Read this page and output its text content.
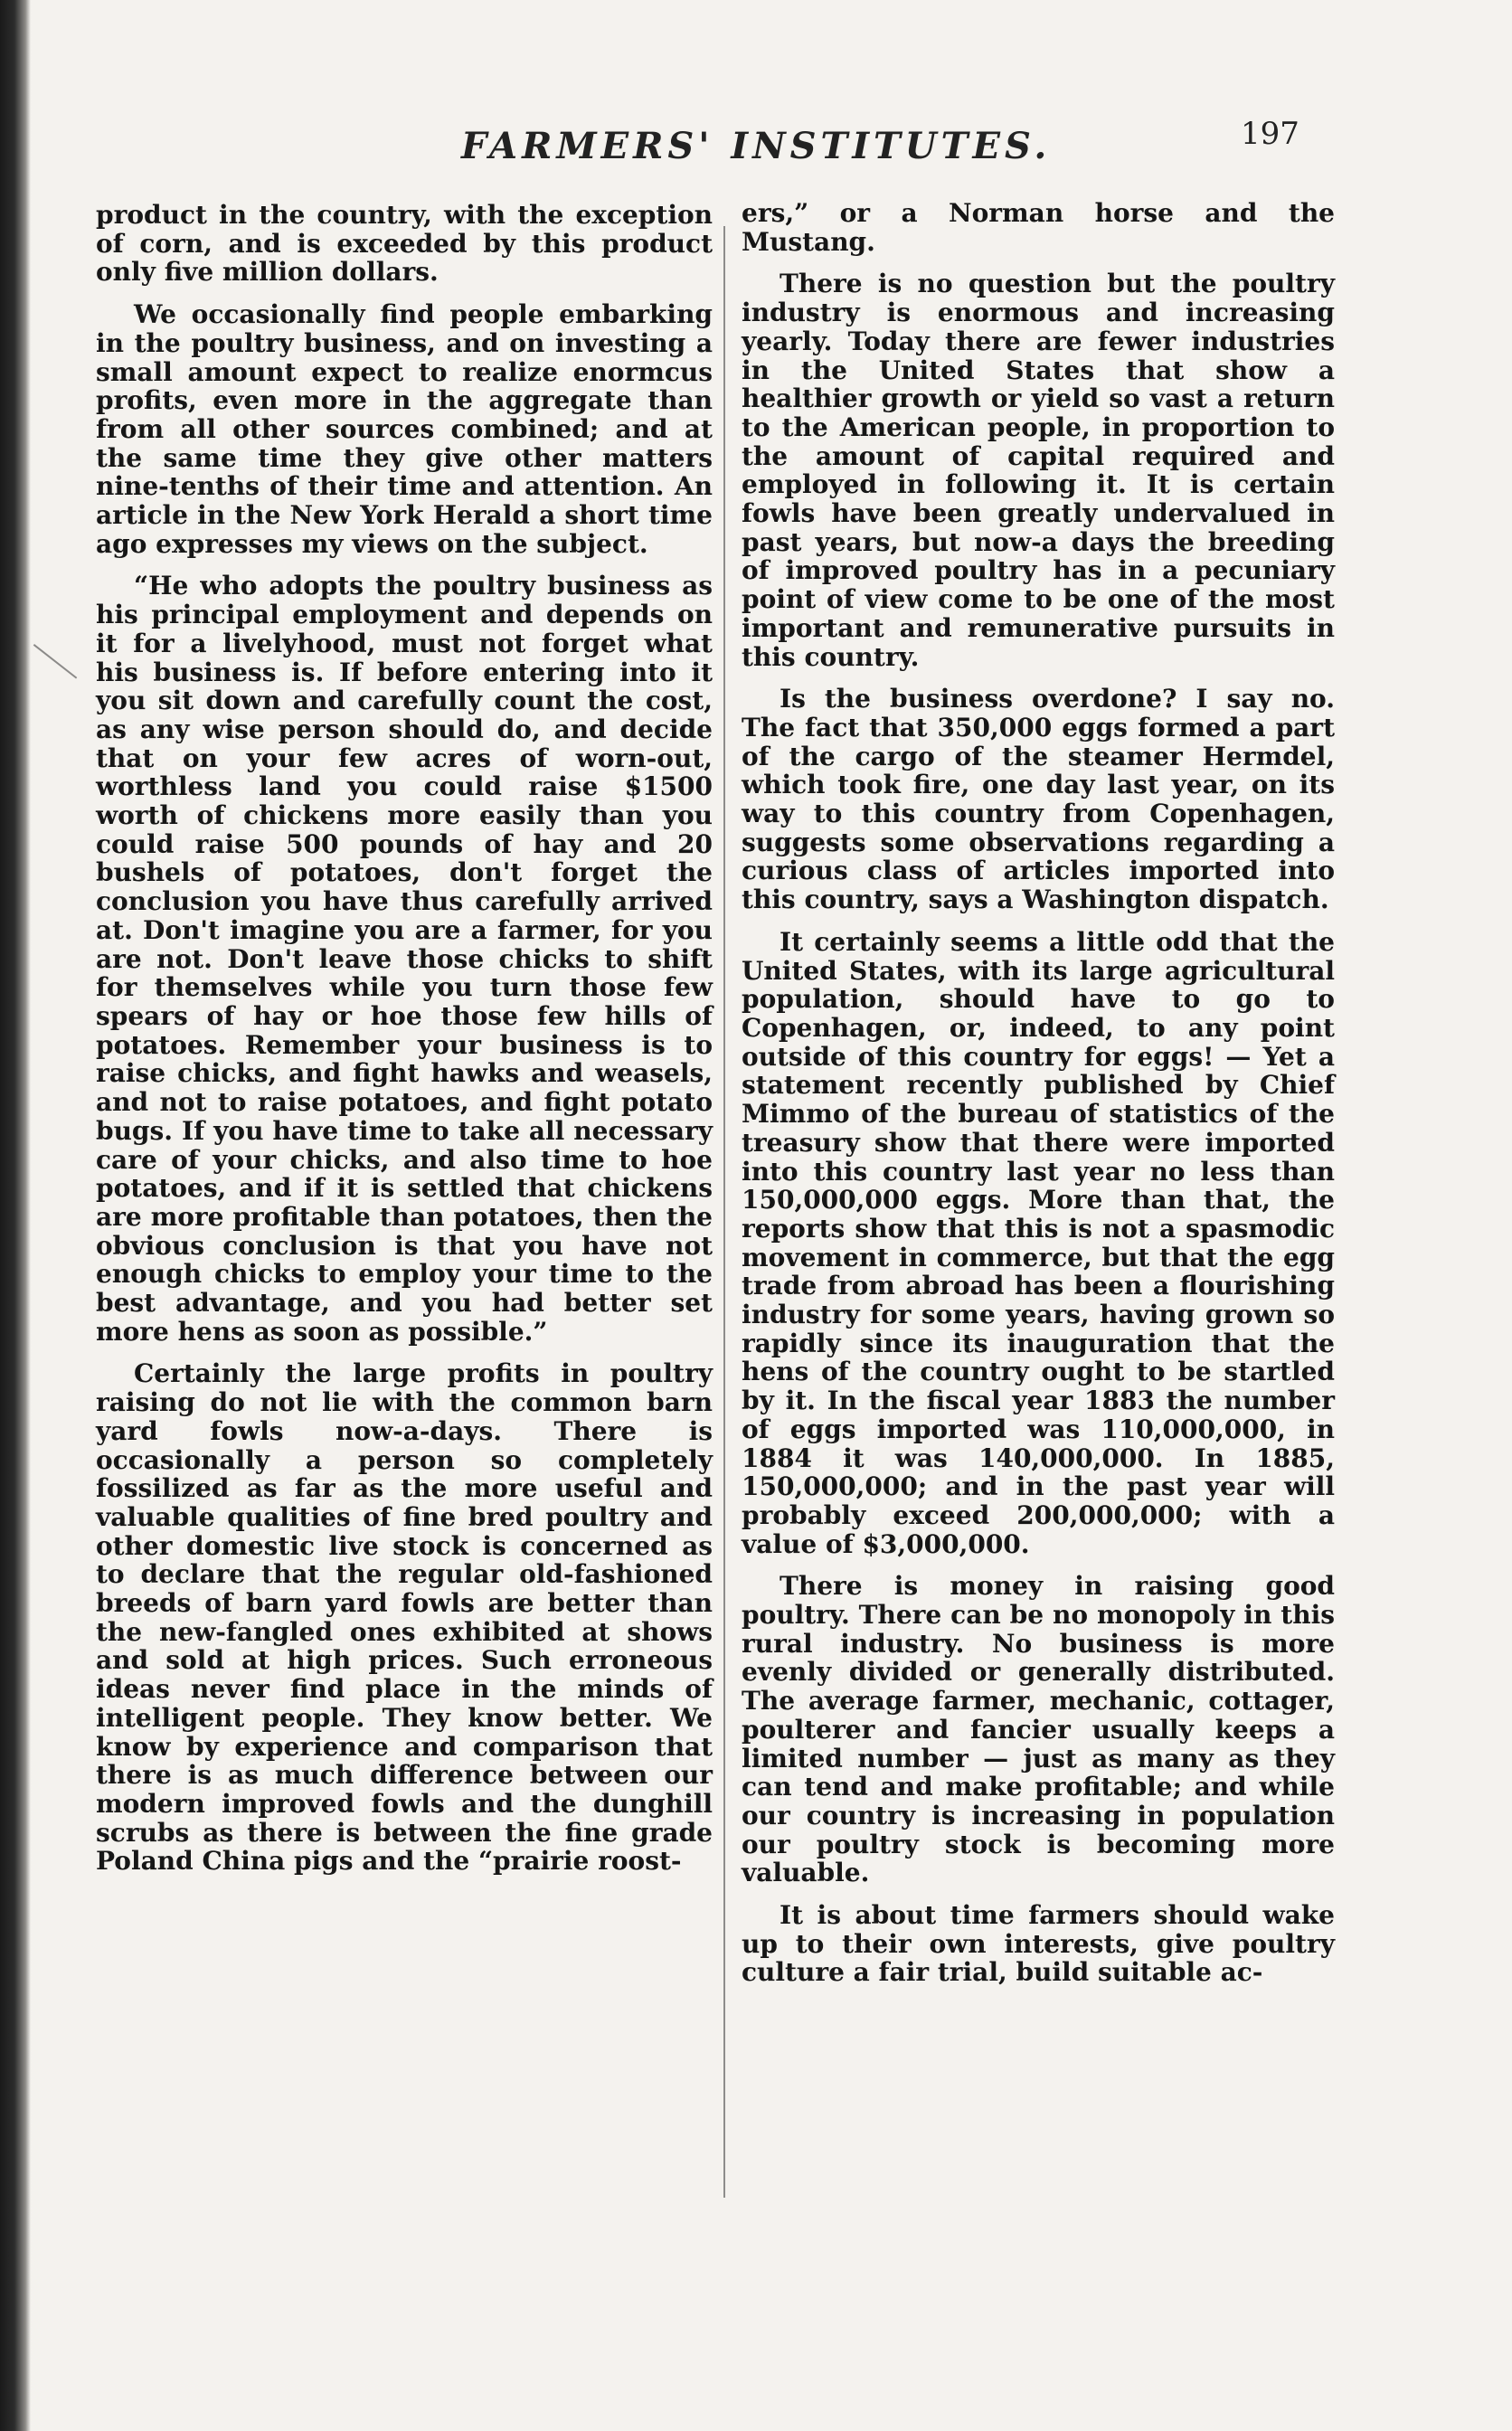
FARMERS' INSTITUTES.	197

product in the country, with the exception of corn, and is exceeded by this product only five million dollars.

We occasionally find people embarking in the poultry business, and on investing a small amount expect to realize enormcus profits, even more in the aggregate than from all other sources combined; and at the same time they give other matters nine-tenths of their time and attention. An article in the New York Herald a short time ago expresses my views on the subject.

“He who adopts the poultry business as his principal employment and depends on it for a livelyhood, must not forget what his business is. If before entering into it you sit down and carefully count the cost, as any wise person should do, and decide that on your few acres of worn-out, worthless land you could raise $1500 worth of chickens more easily than you could raise 500 pounds of hay and 20 bushels of potatoes, don't forget the conclusion you have thus carefully arrived at. Don't imagine you are a farmer, for you are not. Don't leave those chicks to shift for themselves while you turn those few spears of hay or hoe those few hills of potatoes. Remember your business is to raise chicks, and fight hawks and weasels, and not to raise potatoes, and fight potato bugs. If you have time to take all necessary care of your chicks, and also time to hoe potatoes, and if it is settled that chickens are more profitable than potatoes, then the obvious conclusion is that you have not enough chicks to employ your time to the best advantage, and you had better set more hens as soon as possible.”

Certainly the large profits in poultry raising do not lie with the common barn yard fowls now-a-days. There is occasionally a person so completely fossilized as far as the more useful and valuable qualities of fine bred poultry and other domestic live stock is concerned as to declare that the regular old-fashioned breeds of barn yard fowls are better than the new-fangled ones exhibited at shows and sold at high prices. Such erroneous ideas never find place in the minds of intelligent people. They know better. We know by experience and comparison that there is as much difference between our modern improved fowls and the dunghill scrubs as there is between the fine grade Poland China pigs and the “prairie roost-

ers,” or a Norman horse and the Mustang.

There is no question but the poultry industry is enormous and increasing yearly. Today there are fewer industries in the United States that show a healthier growth or yield so vast a return to the American people, in proportion to the amount of capital required and employed in following it. It is certain fowls have been greatly undervalued in past years, but now-a days the breeding of improved poultry has in a pecuniary point of view come to be one of the most important and remunerative pursuits in this country.

Is the business overdone? I say no. The fact that 350,000 eggs formed a part of the cargo of the steamer Hermdel, which took fire, one day last year, on its way to this country from Copenhagen, suggests some observations regarding a curious class of articles imported into this country, says a Washington dispatch.

It certainly seems a little odd that the United States, with its large agricultural population, should have to go to Copenhagen, or, indeed, to any point outside of this country for eggs! — Yet a statement recently published by Chief Mimmo of the bureau of statistics of the treasury show that there were imported into this country last year no less than 150,000,000 eggs. More than that, the reports show that this is not a spasmodic movement in commerce, but that the egg trade from abroad has been a flourishing industry for some years, having grown so rapidly since its inauguration that the hens of the country ought to be startled by it. In the fiscal year 1883 the number of eggs imported was 110,000,000, in 1884 it was 140,000,000. In 1885, 150,000,000; and in the past year will probably exceed 200,000,000; with a value of $3,000,000.

There is money in raising good poultry. There can be no monopoly in this rural industry. No business is more evenly divided or generally distributed. The average farmer, mechanic, cottager, poulterer and fancier usually keeps a limited number — just as many as they can tend and make profitable; and while our country is increasing in population our poultry stock is becoming more valuable.

It is about time farmers should wake up to their own interests, give poultry culture a fair trial, build suitable ac-
